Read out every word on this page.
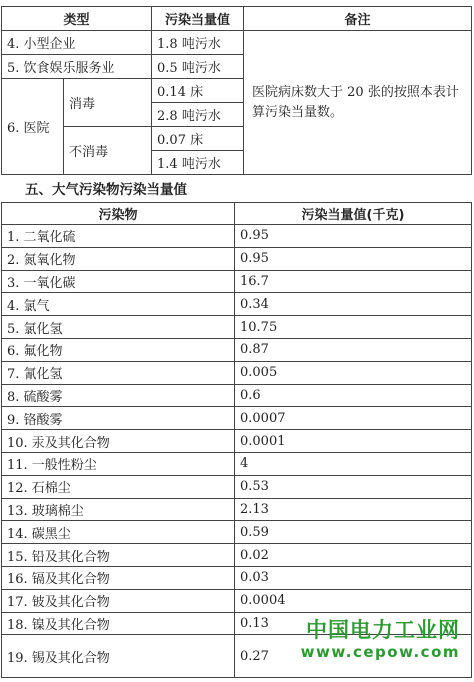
类型		污染当量值	备注
4. 小型企业		1.8 吨污水	医院病床数大于 20 张的按照本表计算污染当量数。
5. 饮食娱乐服务业		0.5 吨污水	
6. 医院	消毒	0.14 床	
		2.8 吨污水	
	不消毒	0.07 床	
		1.4 吨污水	
五、大气污染物污染当量值
污染物	污染当量值(千克)
1. 二氧化硫	0.95
2. 氮氧化物	0.95
3. 一氧化碳	16.7
4. 氯气	0.34
5. 氯化氢	10.75
6. 氟化物	0.87
7. 氰化氢	0.005
8. 硫酸雾	0.6
9. 铬酸雾	0.0007
10. 汞及其化合物	0.0001
11. 一般性粉尘	4
12. 石棉尘	0.53
13. 玻璃棉尘	2.13
14. 碳黑尘	0.59
15. 铅及其化合物	0.02
16. 镉及其化合物	0.03
17. 铍及其化合物	0.0004
18. 镍及其化合物	0.13
19. 锡及其化合物	0.27
中国电力工业网
www.cepow.com
